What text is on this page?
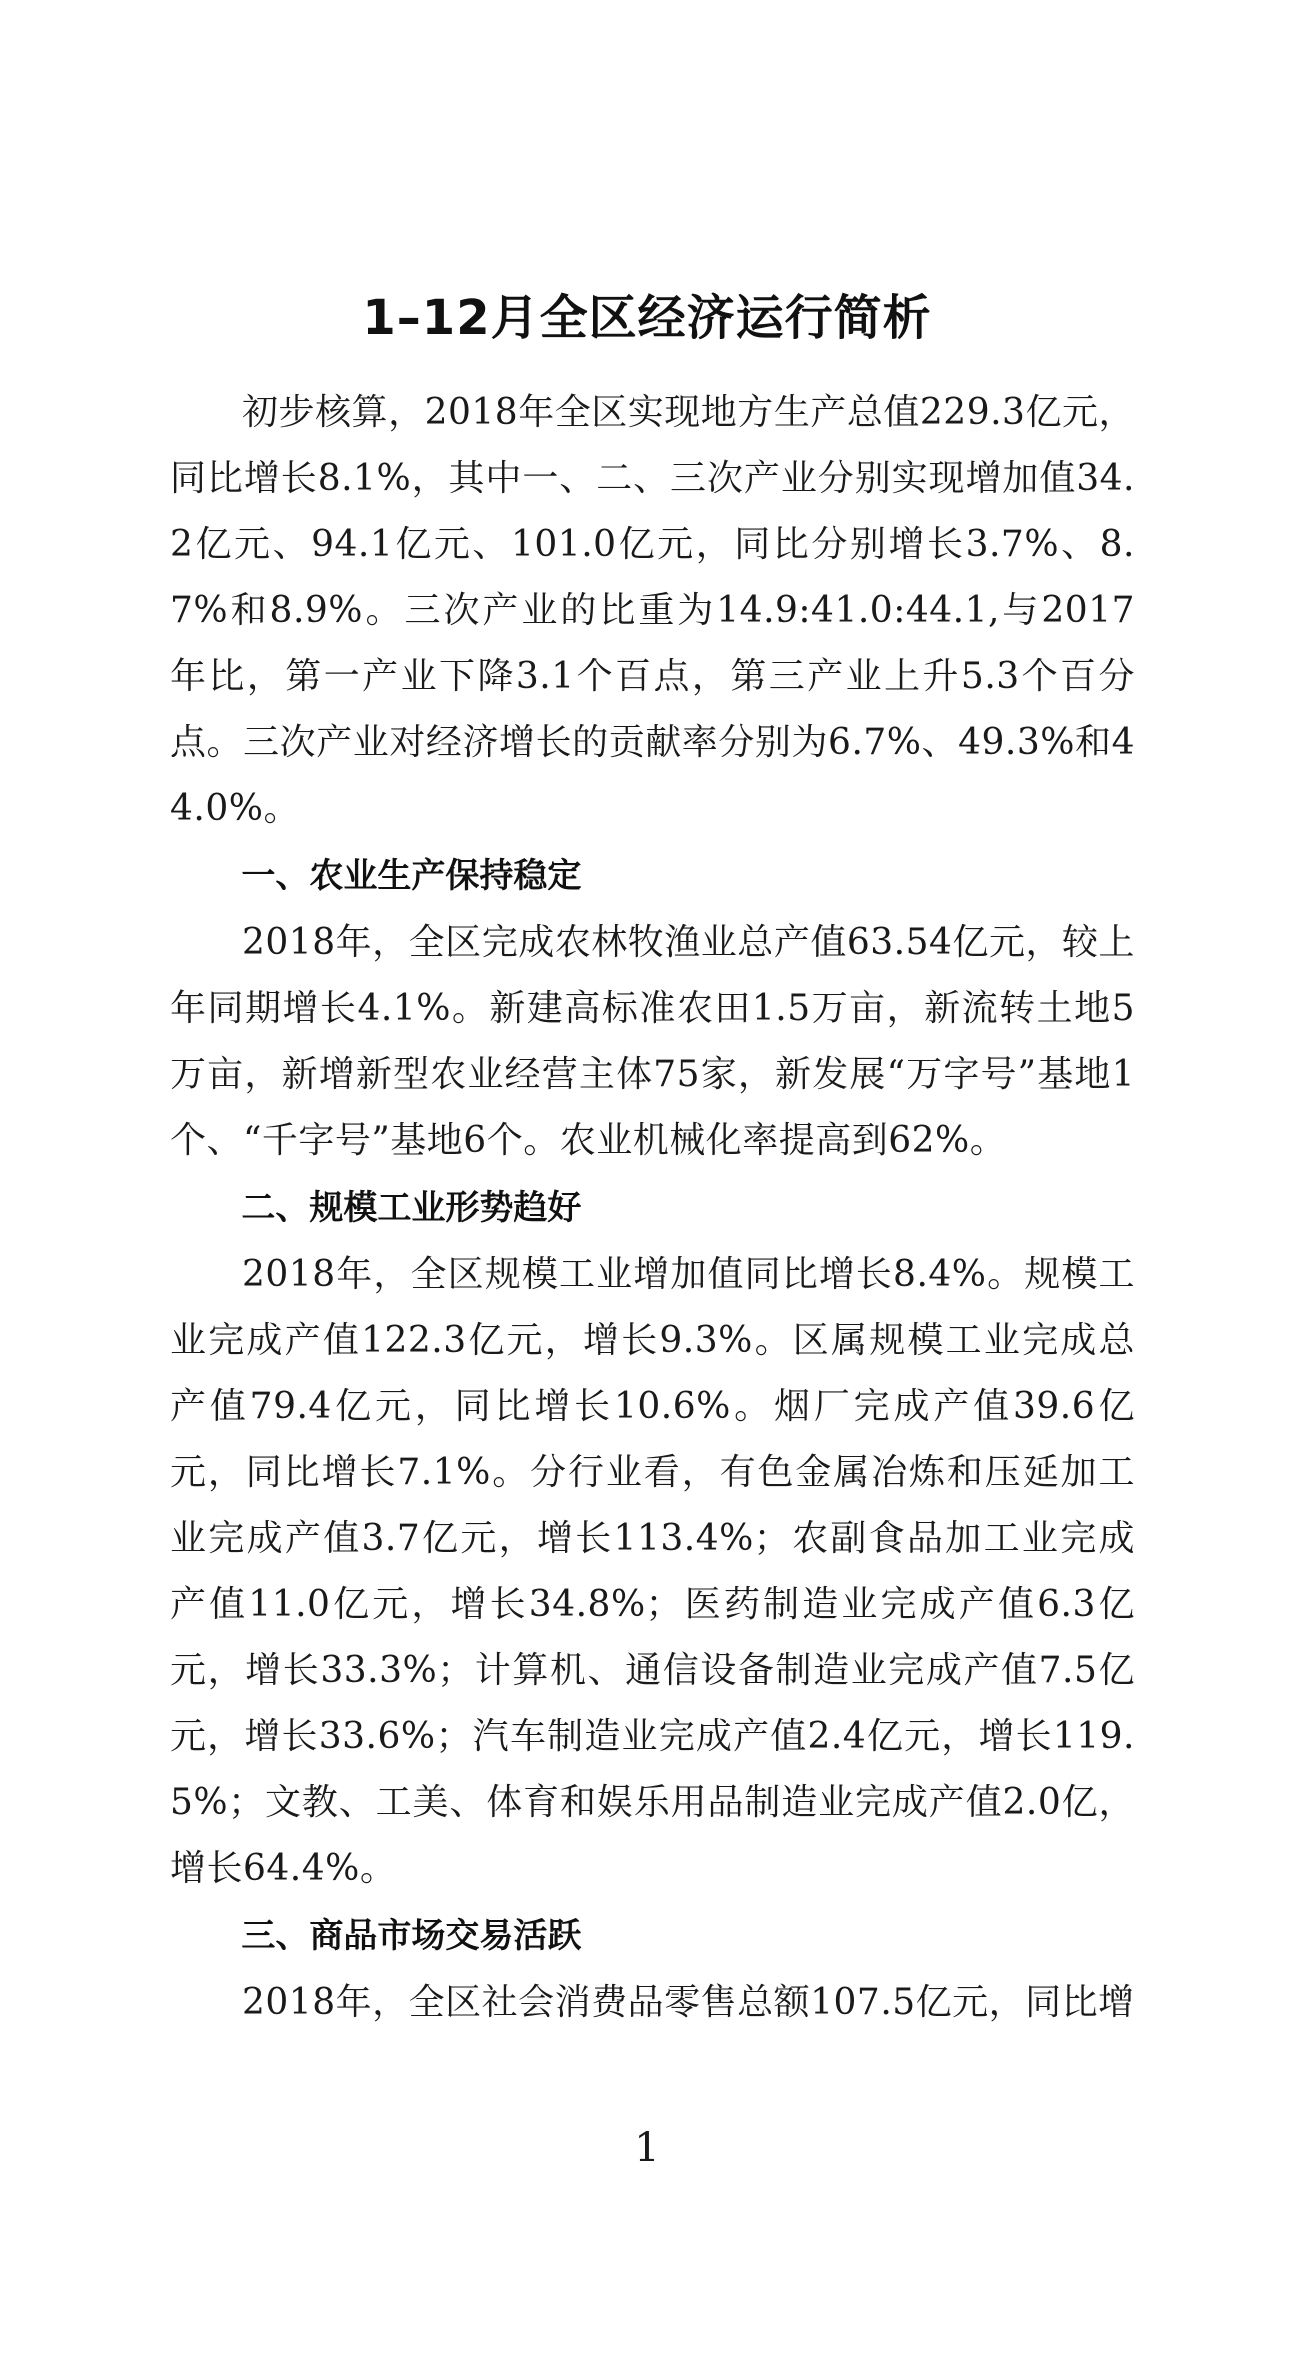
1–12月全区经济运行简析

初步核算，2018年全区实现地方生产总值229.3亿元，同比增长8.1%，其中一、二、三次产业分别实现增加值34.2亿元、94.1亿元、101.0亿元，同比分别增长3.7%、8.7%和8.9%。三次产业的比重为14.9:41.0:44.1,与2017年比，第一产业下降3.1个百点，第三产业上升5.3个百分点。三次产业对经济增长的贡献率分别为6.7%、49.3%和44.0%。

一、农业生产保持稳定

2018年，全区完成农林牧渔业总产值63.54亿元，较上年同期增长4.1%。新建高标准农田1.5万亩，新流转土地5万亩，新增新型农业经营主体75家，新发展“万字号”基地1个、“千字号”基地6个。农业机械化率提高到62%。

二、规模工业形势趋好

2018年，全区规模工业增加值同比增长8.4%。规模工业完成产值122.3亿元，增长9.3%。区属规模工业完成总产值79.4亿元，同比增长10.6%。烟厂完成产值39.6亿元，同比增长7.1%。分行业看，有色金属冶炼和压延加工业完成产值3.7亿元，增长113.4%；农副食品加工业完成产值11.0亿元，增长34.8%；医药制造业完成产值6.3亿元，增长33.3%；计算机、通信设备制造业完成产值7.5亿元，增长33.6%；汽车制造业完成产值2.4亿元，增长119.5%；文教、工美、体育和娱乐用品制造业完成产值2.0亿，增长64.4%。

三、商品市场交易活跃

2018年，全区社会消费品零售总额107.5亿元，同比增

1
